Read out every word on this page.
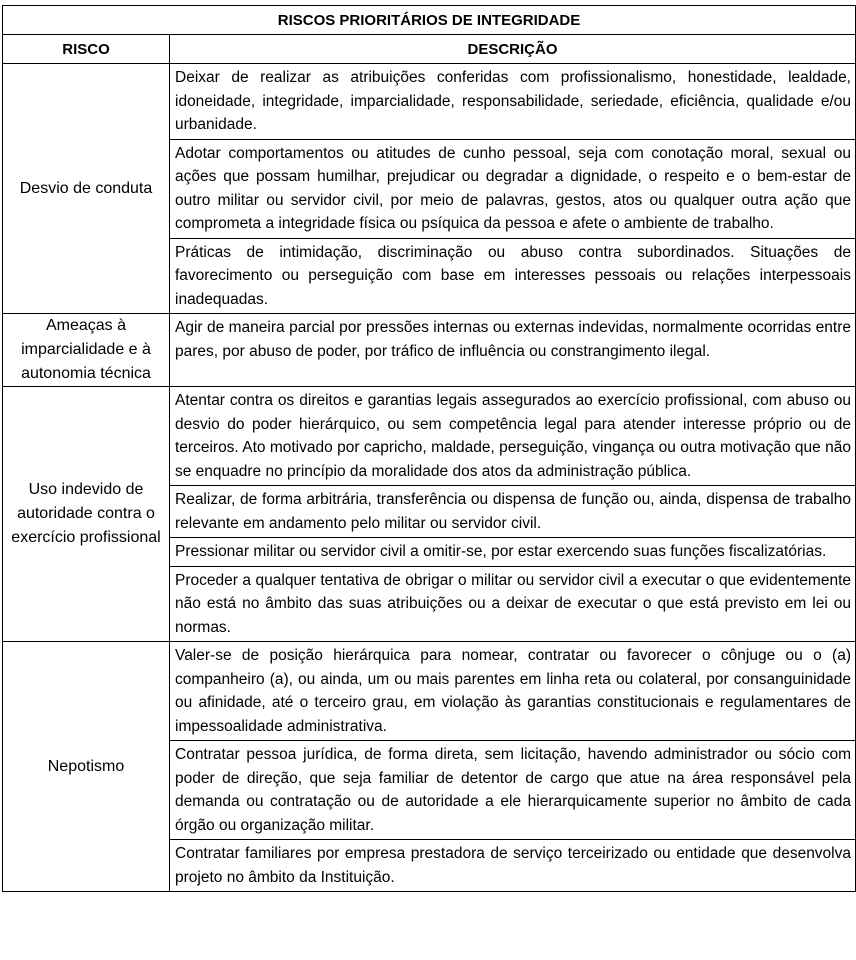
RISCOS PRIORITÁRIOS DE INTEGRIDADE	
RISCO	DESCRIÇÃO
Desvio de conduta	Deixar de realizar as atribuições conferidas com profissionalismo, honestidade, lealdade, idoneidade, integridade, imparcialidade, responsabilidade, seriedade, eficiência, qualidade e/ou urbanidade.
	Adotar comportamentos ou atitudes de cunho pessoal, seja com conotação moral, sexual ou ações que possam humilhar, prejudicar ou degradar a dignidade, o respeito e o bem-estar de outro militar ou servidor civil, por meio de palavras, gestos, atos ou qualquer outra ação que comprometa a integridade física ou psíquica da pessoa e afete o ambiente de trabalho.
	Práticas de intimidação, discriminação ou abuso contra subordinados. Situações de favorecimento ou perseguição com base em interesses pessoais ou relações interpessoais inadequadas.
Ameaças à imparcialidade e à autonomia técnica	Agir de maneira parcial por pressões internas ou externas indevidas, normalmente ocorridas entre pares, por abuso de poder, por tráfico de influência ou constrangimento ilegal.
Uso indevido de autoridade contra o exercício profissional	Atentar contra os direitos e garantias legais assegurados ao exercício profissional, com abuso ou desvio do poder hierárquico, ou sem competência legal para atender interesse próprio ou de terceiros. Ato motivado por capricho, maldade, perseguição, vingança ou outra motivação que não se enquadre no princípio da moralidade dos atos da administração pública.
	Realizar, de forma arbitrária, transferência ou dispensa de função ou, ainda, dispensa de trabalho relevante em andamento pelo militar ou servidor civil.
	Pressionar militar ou servidor civil a omitir-se, por estar exercendo suas funções fiscalizatórias.
	Proceder a qualquer tentativa de obrigar o militar ou servidor civil a executar o que evidentemente não está no âmbito das suas atribuições ou a deixar de executar o que está previsto em lei ou normas.
Nepotismo	Valer-se de posição hierárquica para nomear, contratar ou favorecer o cônjuge ou o (a) companheiro (a), ou ainda, um ou mais parentes em linha reta ou colateral, por consanguinidade ou afinidade, até o terceiro grau, em violação às garantias constitucionais e regulamentares de impessoalidade administrativa.
	Contratar pessoa jurídica, de forma direta, sem licitação, havendo administrador ou sócio com poder de direção, que seja familiar de detentor de cargo que atue na área responsável pela demanda ou contratação ou de autoridade a ele hierarquicamente superior no âmbito de cada órgão ou organização militar.
	Contratar familiares por empresa prestadora de serviço terceirizado ou entidade que desenvolva projeto no âmbito da Instituição.
